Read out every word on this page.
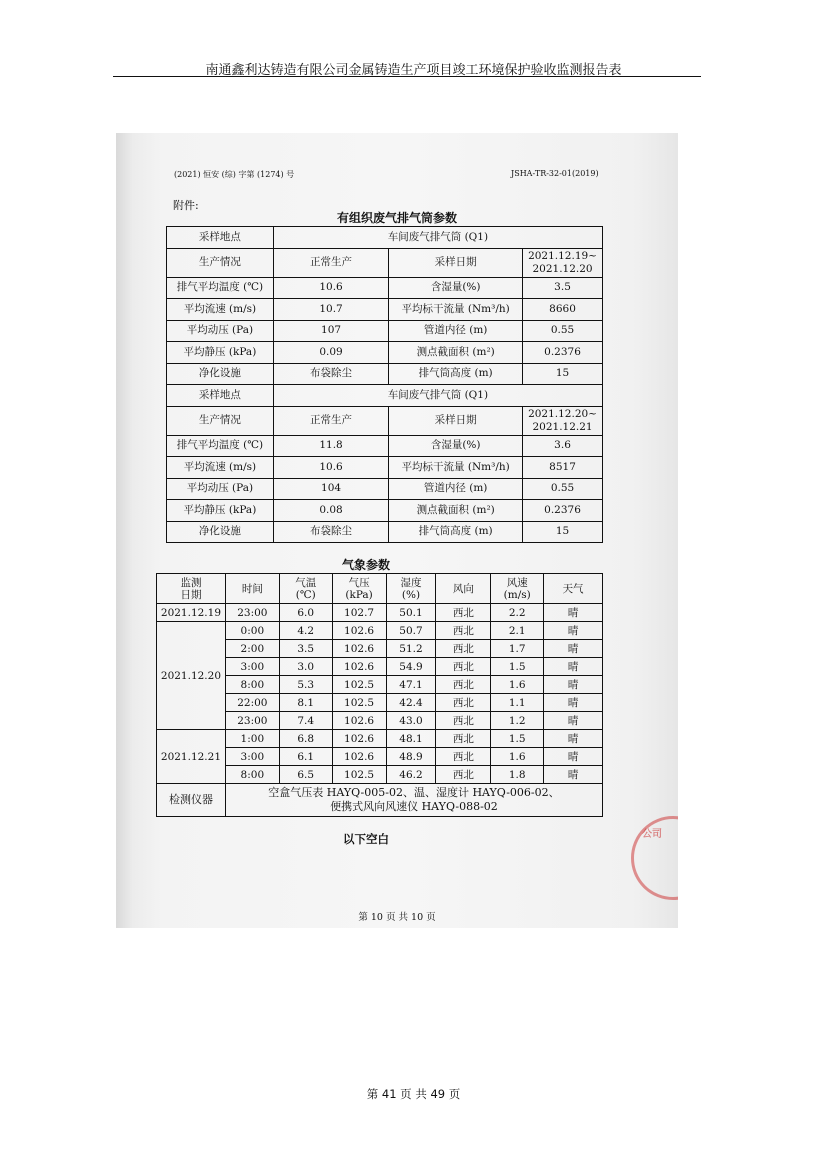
南通鑫利达铸造有限公司金属铸造生产项目竣工环境保护验收监测报告表
(2021) 恒安 (综) 字第 (1274) 号	JSHA-TR-32-01(2019)
附件:
有组织废气排气筒参数
采样地点	车间废气排气筒 (Q1)		
生产情况	正常生产	采样日期	2021.12.19~
2021.12.20
排气平均温度 (℃)	10.6	含湿量(%)	3.5
平均流速 (m/s)	10.7	平均标干流量 (Nm³/h)	8660
平均动压 (Pa)	107	管道内径 (m)	0.55
平均静压 (kPa)	0.09	测点截面积 (m²)	0.2376
净化设施	布袋除尘	排气筒高度 (m)	15
采样地点	车间废气排气筒 (Q1)		
生产情况	正常生产	采样日期	2021.12.20~
2021.12.21
排气平均温度 (℃)	11.8	含湿量(%)	3.6
平均流速 (m/s)	10.6	平均标干流量 (Nm³/h)	8517
平均动压 (Pa)	104	管道内径 (m)	0.55
平均静压 (kPa)	0.08	测点截面积 (m²)	0.2376
净化设施	布袋除尘	排气筒高度 (m)	15
气象参数
监测
日期	时间	气温
(℃)	气压
(kPa)	湿度
(%)	风向	风速
(m/s)	天气
2021.12.19	23:00	6.0	102.7	50.1	西北	2.2	晴
2021.12.20	0:00	4.2	102.6	50.7	西北	2.1	晴
	2:00	3.5	102.6	51.2	西北	1.7	晴
	3:00	3.0	102.6	54.9	西北	1.5	晴
	8:00	5.3	102.5	47.1	西北	1.6	晴
	22:00	8.1	102.5	42.4	西北	1.1	晴
	23:00	7.4	102.6	43.0	西北	1.2	晴
2021.12.21	1:00	6.8	102.6	48.1	西北	1.5	晴
	3:00	6.1	102.6	48.9	西北	1.6	晴
	8:00	6.5	102.5	46.2	西北	1.8	晴
检测仪器	空盒气压表 HAYQ-005-02、温、湿度计 HAYQ-006-02、
便携式风向风速仪 HAYQ-088-02						
以下空白
第 10 页 共 10 页
公司
第 41 页 共 49 页
